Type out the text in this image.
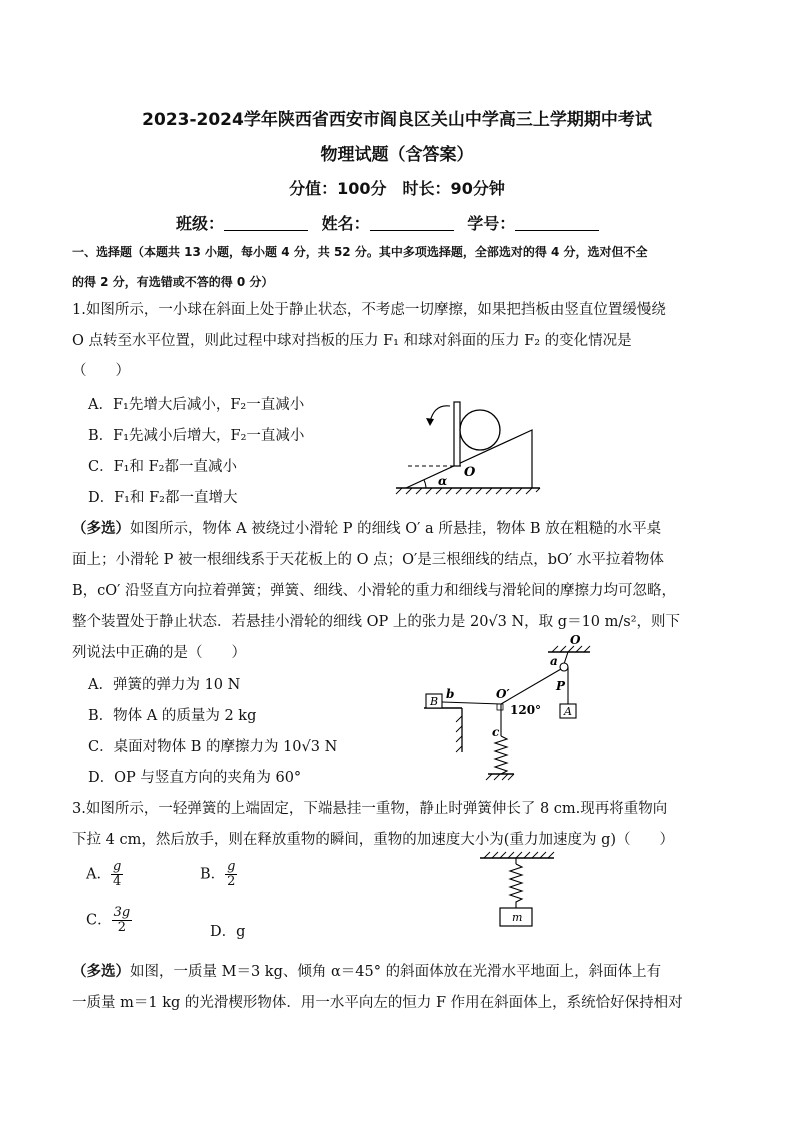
2023-2024学年陕西省西安市阎良区关山中学高三上学期期中考试
物理试题（含答案）
分值：100分　时长：90分钟
班级：	姓名：	学号：
一、选择题（本题共 13 小题，每小题 4 分，共 52 分。其中多项选择题，全部选对的得 4 分，选对但不全
的得 2 分，有选错或不答的得 0 分）
1.如图所示，一小球在斜面上处于静止状态，不考虑一切摩擦，如果把挡板由竖直位置缓慢绕
O 点转至水平位置，则此过程中球对挡板的压力 F₁ 和球对斜面的压力 F₂ 的变化情况是
（　　）
A．F₁先增大后减小，F₂一直减小
B．F₁先减小后增大，F₂一直减小
C．F₁和 F₂都一直减小
D．F₁和 F₂都一直增大
α
O
（多选）如图所示，物体 A 被绕过小滑轮 P 的细线 O′ a 所悬挂，物体 B 放在粗糙的水平桌
面上；小滑轮 P 被一根细线系于天花板上的 O 点；O′是三根细线的结点，bO′ 水平拉着物体
B，cO′ 沿竖直方向拉着弹簧；弹簧、细线、小滑轮的重力和细线与滑轮间的摩擦力均可忽略，
整个装置处于静止状态．若悬挂小滑轮的细线 OP 上的张力是 20√3 N，取 g＝10 m/s²，则下
列说法中正确的是（　　）
A．弹簧的弹力为 10 N
B．物体 A 的质量为 2 kg
C．桌面对物体 B 的摩擦力为 10√3 N
D．OP 与竖直方向的夹角为 60°
O
a
P
A
B
b	O′
120°
c
3.如图所示，一轻弹簧的上端固定，下端悬挂一重物，静止时弹簧伸长了 8 cm.现再将重物向
下拉 4 cm，然后放手，则在释放重物的瞬间，重物的加速度大小为(重力加速度为 g)（　　）
A． $\frac{g}{4}$	B． $\frac{g}{2}$
C． $\frac{3g}{2}$	D．g
m
（多选）如图，一质量 M＝3 kg、倾角 α＝45° 的斜面体放在光滑水平地面上，斜面体上有
一质量 m＝1 kg 的光滑楔形物体．用一水平向左的恒力 F 作用在斜面体上，系统恰好保持相对
